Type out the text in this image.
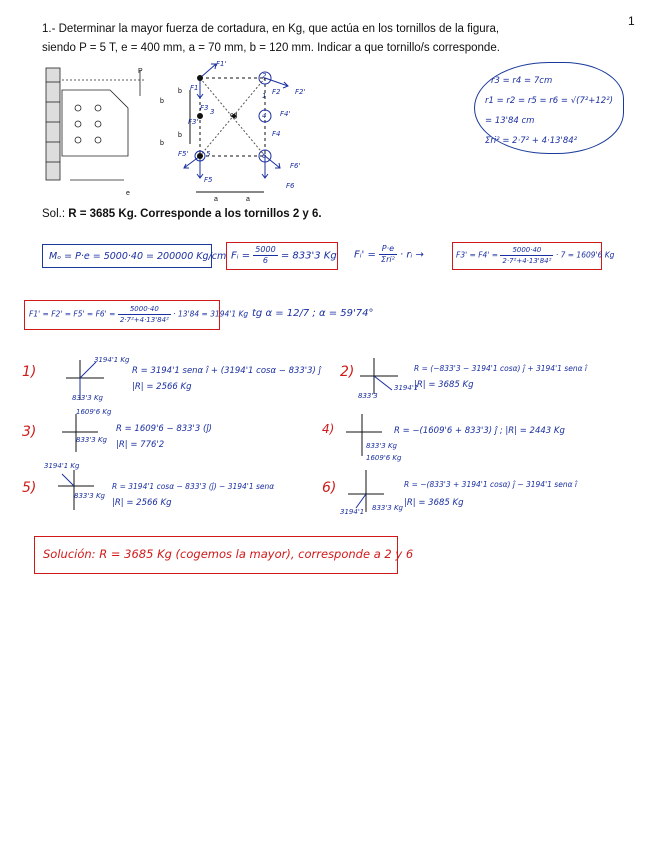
1
1.- Determinar la mayor fuerza de cortadura, en Kg, que actúa en los tornillos de la figura,
siendo P = 5 T, e = 400 mm, a = 70 mm, b = 120 mm. Indicar a que tornillo/s corresponde.
P
2
4
6
3 cg
F1'
F1	F2'
F2
F3'
F3
F4'
F4
F5'
F5
F6'
F6
b
b
a	a
b
b
e
1
5
r3 = r4 = 7cm
r1 = r2 = r5 = r6 = √(7²+12²) = 13'84 cm
Σri² = 2·7² + 4·13'84²
Sol.: R = 3685 Kg. Corresponde a los tornillos 2 y 6.
Mₒ = P·e = 5000·40 = 200000 Kg/cm Fᵢ = $\frac{5000}{6} = 833'3$ Kg Fᵢ' = $\frac{P\cdot e}{\text{Σri²}}$ · rᵢ →	$F3' = F4' = \frac{5000\cdot 40}{\text{2·7²+4·13'84²}} \cdot 7 = 1609'6$ Kg
$F1' = F2' = F5' = F6' = \frac{5000\cdot 40}{\text{2·7²+4·13'84²}} \cdot 13'84 = 3194'1$ Kg tg α = 12/7 ; α = 59'74°
1)
3194'1 Kg
833'3 Kg
R = 3194'1 senα î + (3194'1 cosα − 833'3) ĵ
|R| = 2566 Kg
2)
3194'1
833'3
R = (−833'3 − 3194'1 cosα) ĵ + 3194'1 senα î
|R| = 3685 Kg
3)
1609'6 Kg
833'3 Kg
R = 1609'6 − 833'3 (ĵ)
|R| = 776'2
4)
833'3 Kg
1609'6 Kg
R = −(1609'6 + 833'3) ĵ ; |R| = 2443 Kg
5)
3194'1 Kg
833'3 Kg
R = 3194'1 cosα − 833'3 (ĵ) − 3194'1 senα
|R| = 2566 Kg
6)
3194'1 833'3 Kg
R = −(833'3 + 3194'1 cosα) ĵ − 3194'1 senα î
|R| = 3685 Kg
Solución: R = 3685 Kg (cogemos la mayor), corresponde a 2 y 6
